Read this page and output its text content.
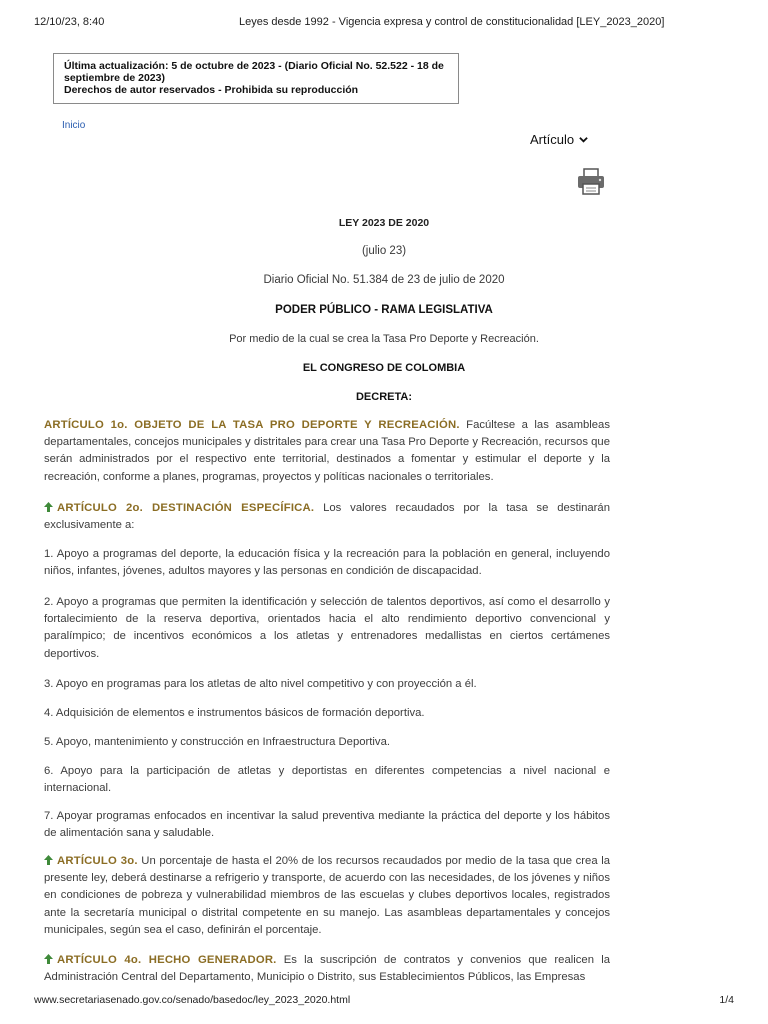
12/10/23, 8:40	Leyes desde 1992 - Vigencia expresa y control de constitucionalidad [LEY_2023_2020]
Última actualización: 5 de octubre de 2023 - (Diario Oficial No. 52.522 - 18 de
septiembre de 2023)
Derechos de autor reservados - Prohibida su reproducción
Inicio
Artículo
LEY 2023 DE 2020
(julio 23)
Diario Oficial No. 51.384 de 23 de julio de 2020
PODER PÚBLICO - RAMA LEGISLATIVA
Por medio de la cual se crea la Tasa Pro Deporte y Recreación.
EL CONGRESO DE COLOMBIA
DECRETA:
ARTÍCULO 1o. OBJETO DE LA TASA PRO DEPORTE Y RECREACIÓN. Facúltese a las asambleas departamentales, concejos municipales y distritales para crear una Tasa Pro Deporte y Recreación, recursos que serán administrados por el respectivo ente territorial, destinados a fomentar y estimular el deporte y la recreación, conforme a planes, programas, proyectos y políticas nacionales o territoriales.
ARTÍCULO 2o. DESTINACIÓN ESPECÍFICA. Los valores recaudados por la tasa se destinarán exclusivamente a:
1. Apoyo a programas del deporte, la educación física y la recreación para la población en general, incluyendo niños, infantes, jóvenes, adultos mayores y las personas en condición de discapacidad.
2. Apoyo a programas que permiten la identificación y selección de talentos deportivos, así como el desarrollo y fortalecimiento de la reserva deportiva, orientados hacia el alto rendimiento deportivo convencional y paralímpico; de incentivos económicos a los atletas y entrenadores medallistas en ciertos certámenes deportivos.
3. Apoyo en programas para los atletas de alto nivel competitivo y con proyección a él.
4. Adquisición de elementos e instrumentos básicos de formación deportiva.
5. Apoyo, mantenimiento y construcción en Infraestructura Deportiva.
6. Apoyo para la participación de atletas y deportistas en diferentes competencias a nivel nacional e internacional.
7. Apoyar programas enfocados en incentivar la salud preventiva mediante la práctica del deporte y los hábitos de alimentación sana y saludable.
ARTÍCULO 3o. Un porcentaje de hasta el 20% de los recursos recaudados por medio de la tasa que crea la presente ley, deberá destinarse a refrigerio y transporte, de acuerdo con las necesidades, de los jóvenes y niños en condiciones de pobreza y vulnerabilidad miembros de las escuelas y clubes deportivos locales, registrados ante la secretaría municipal o distrital competente en su manejo. Las asambleas departamentales y concejos municipales, según sea el caso, definirán el porcentaje.
ARTÍCULO 4o. HECHO GENERADOR. Es la suscripción de contratos y convenios que realicen la Administración Central del Departamento, Municipio o Distrito, sus Establecimientos Públicos, las Empresas
www.secretariasenado.gov.co/senado/basedoc/ley_2023_2020.html	1/4
